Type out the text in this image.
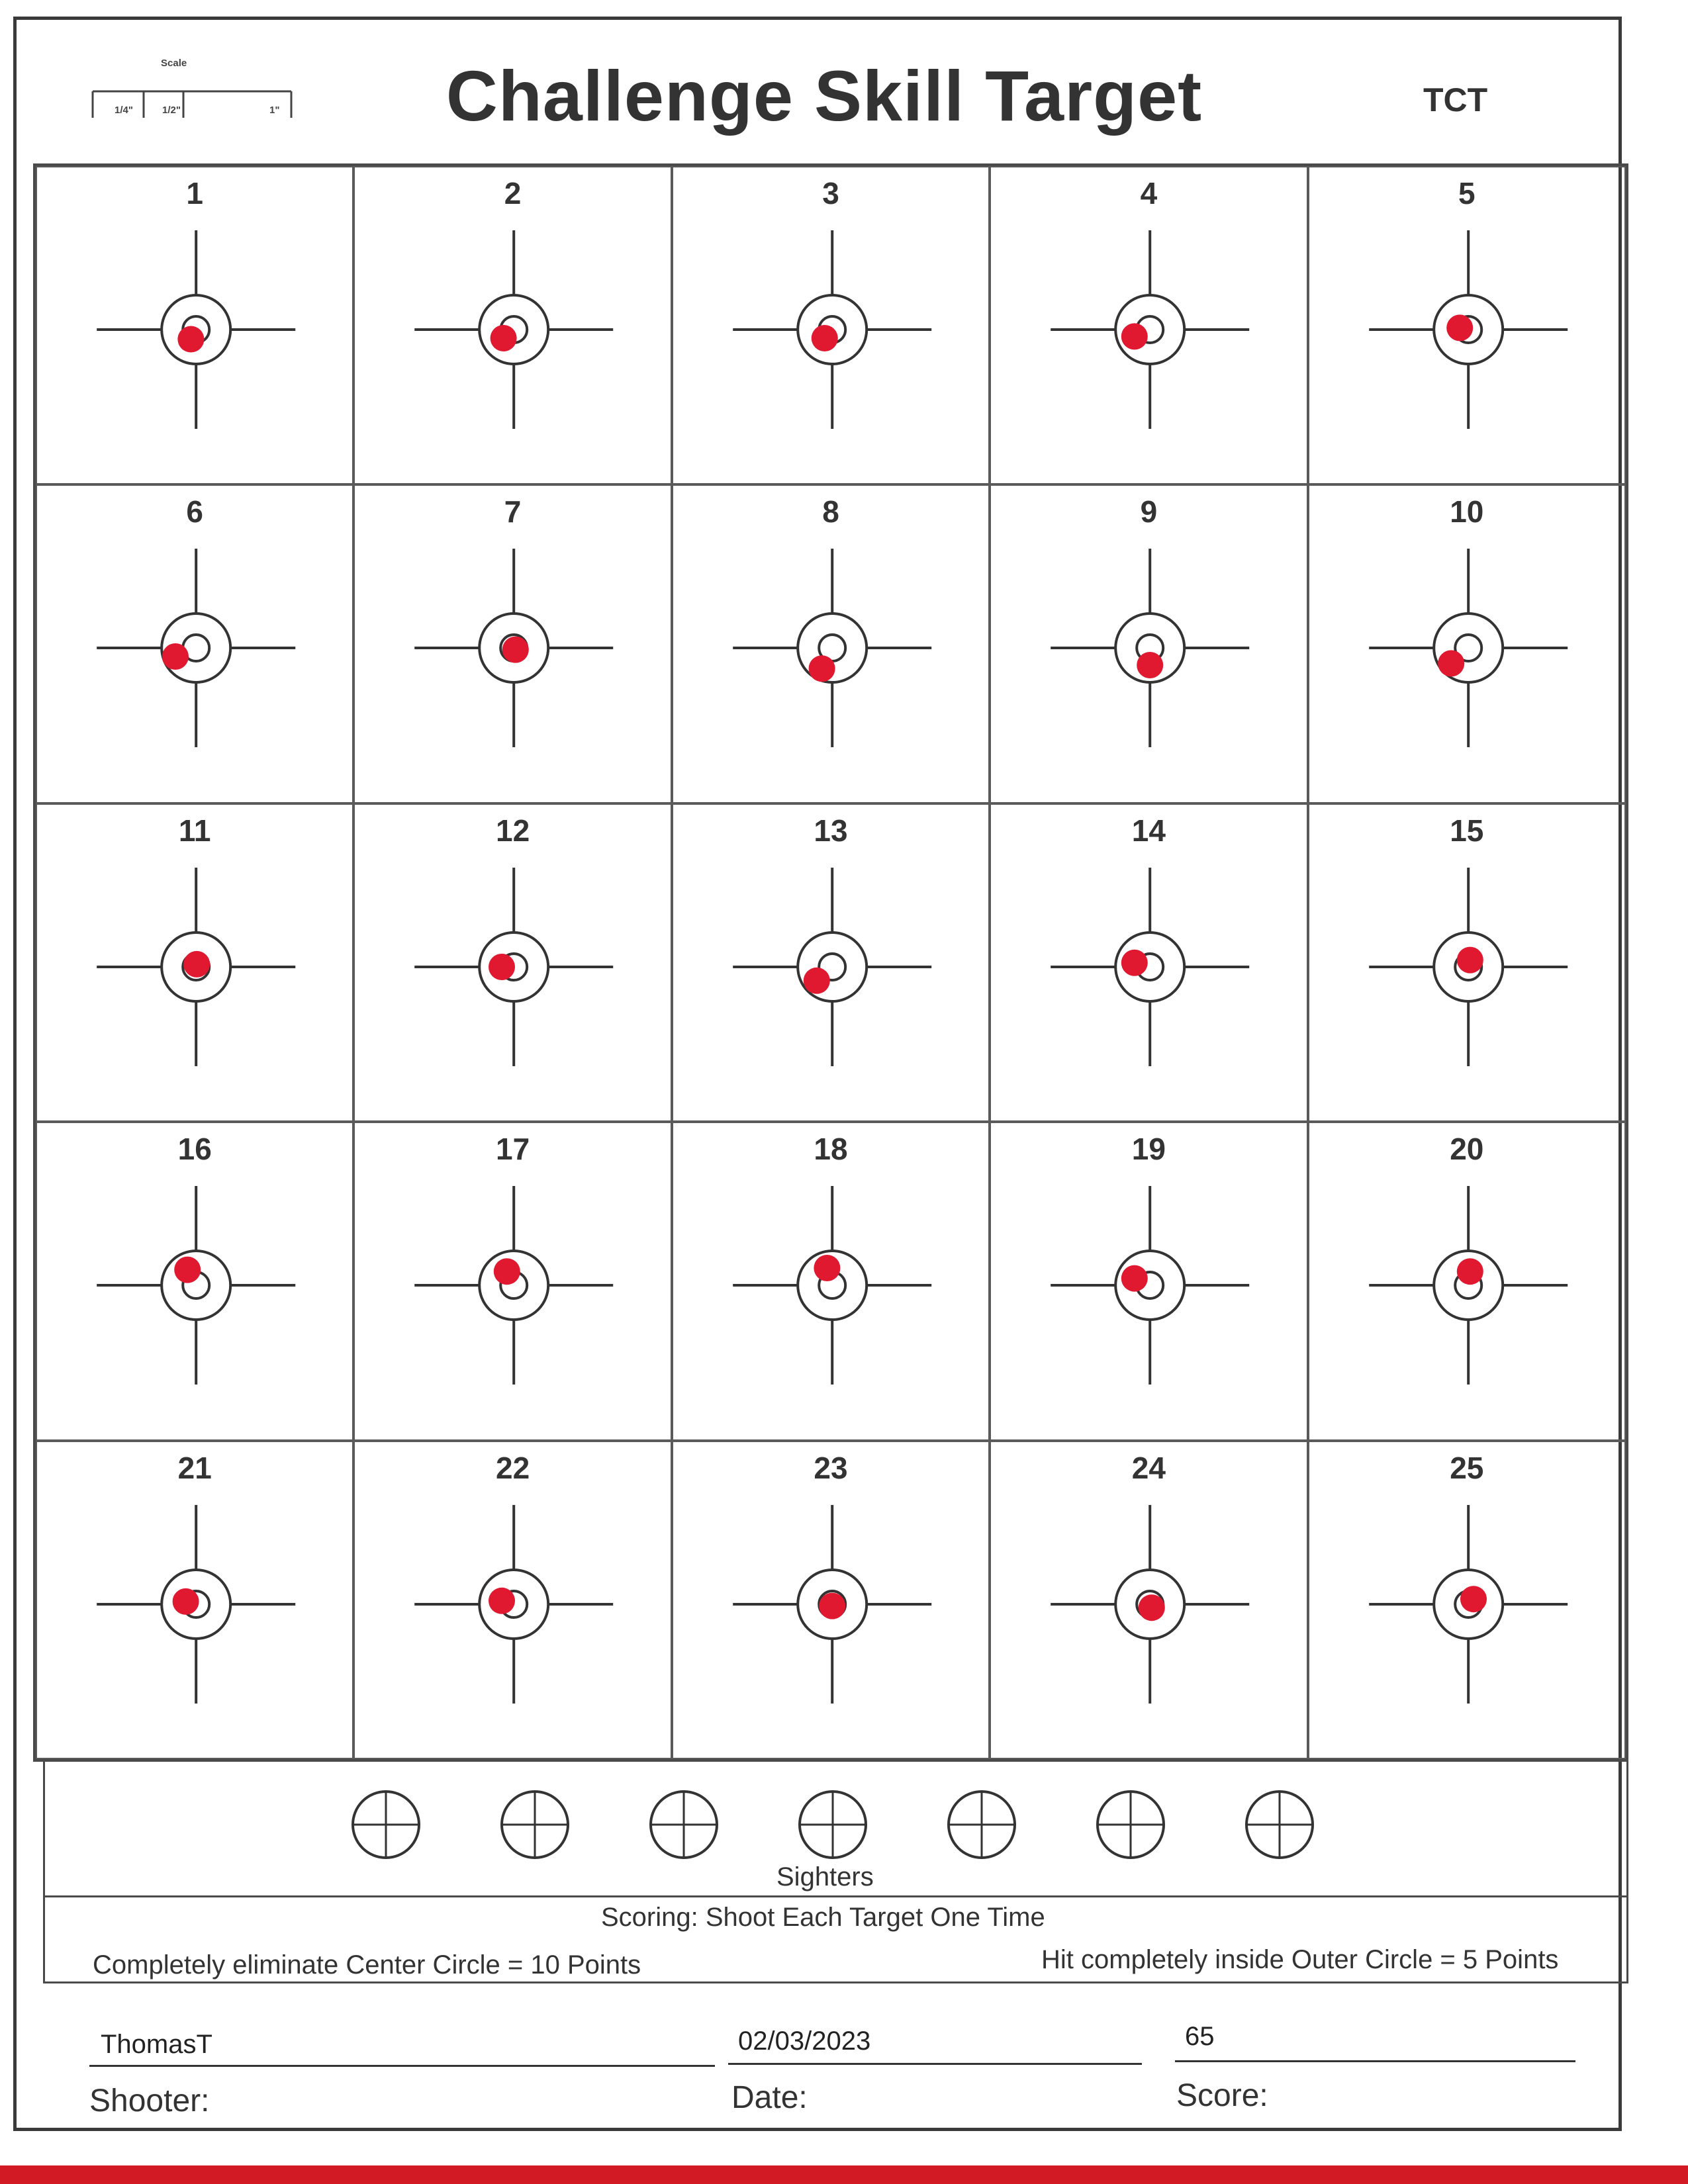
Scale
1/4"	1/2"	1"	Challenge Skill Target	TCT
1	2	3	4	5
6	7	8	9	10
11	12	13	14	15
16	17	18	19	20
21	22	23	24	25
Sighters
Scoring: Shoot Each Target One Time
Completely eliminate Center Circle = 10 Points	Hit completely inside Outer Circle = 5 Points
ThomasT
Shooter:
02/03/2023
Date:
65
Score:
